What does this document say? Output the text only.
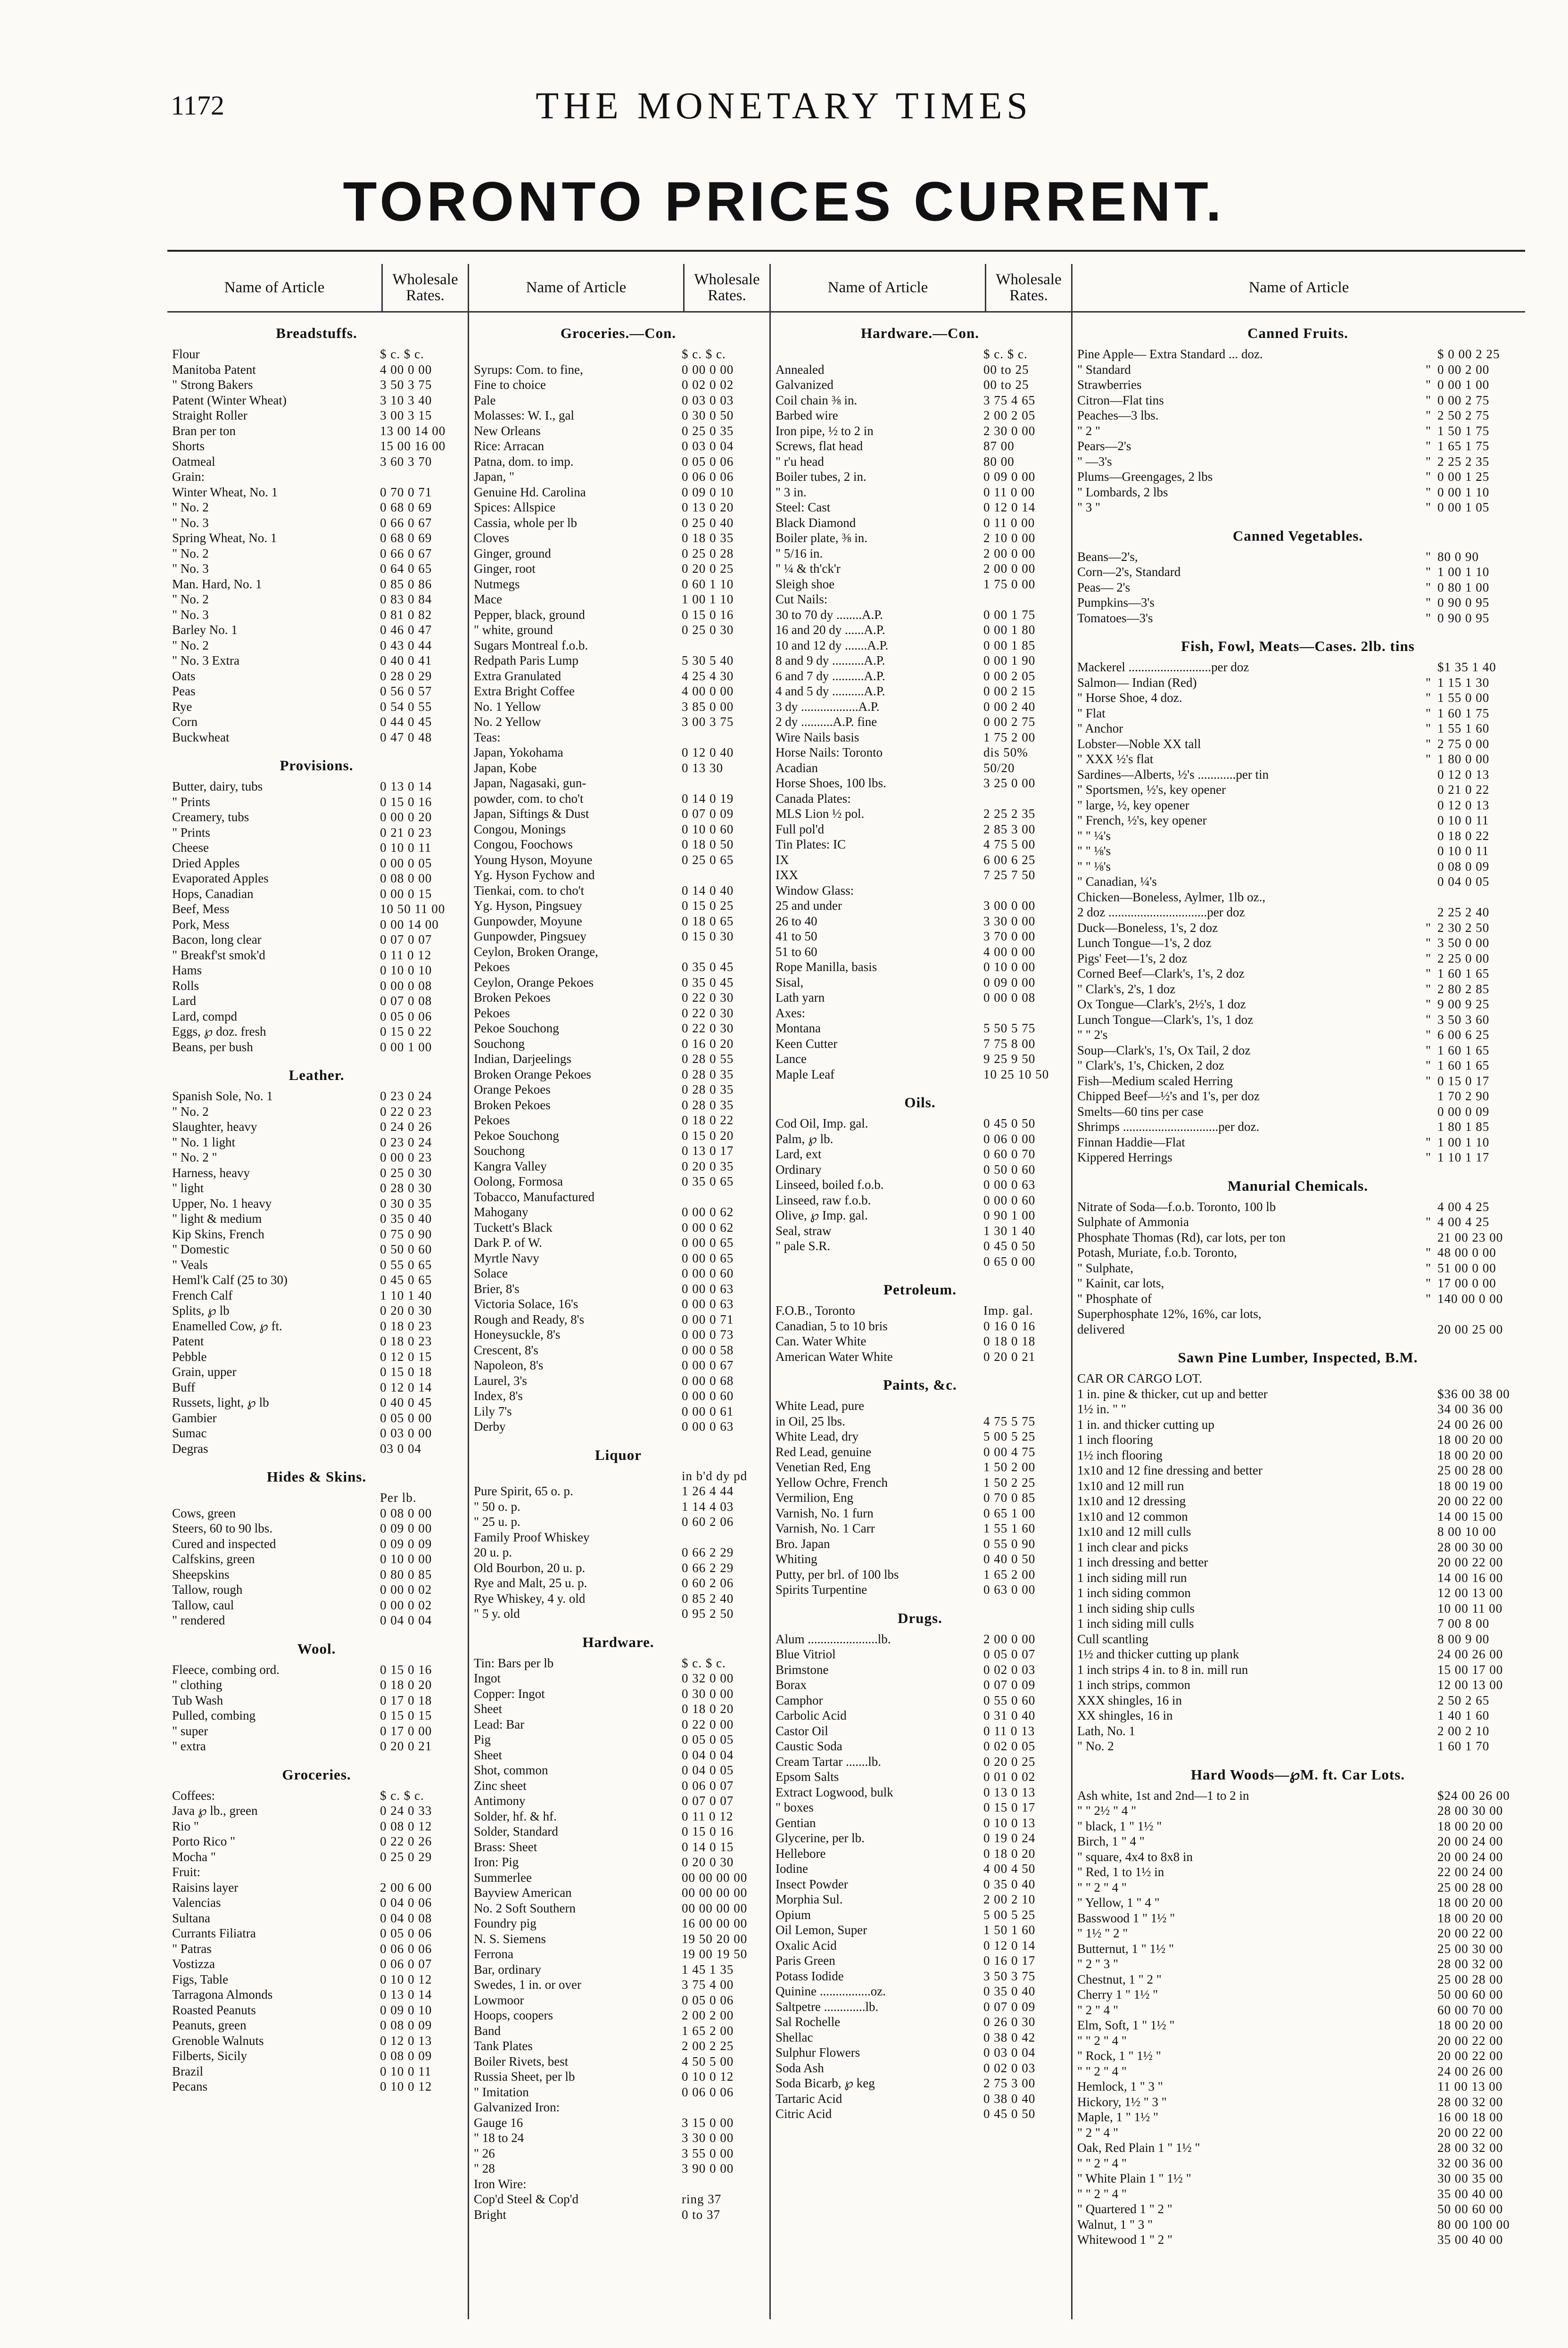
1172	THE MONETARY TIMES
TORONTO PRICES CURRENT.
Name of Article	Wholesale Rates.
Breadstuffs.
Flour	$ c. $ c.
Manitoba Patent	4 00 0 00
" Strong Bakers	3 50 3 75
Patent (Winter Wheat)	3 10 3 40
Straight Roller	3 00 3 15
Bran per ton	13 00 14 00
Shorts	15 00 16 00
Oatmeal	3 60 3 70
Grain:
Winter Wheat, No. 1	0 70 0 71
" No. 2	0 68 0 69
" No. 3	0 66 0 67
Spring Wheat, No. 1	0 68 0 69
" No. 2	0 66 0 67
" No. 3	0 64 0 65
Man. Hard, No. 1	0 85 0 86
" No. 2	0 83 0 84
" No. 3	0 81 0 82
Barley No. 1	0 46 0 47
" No. 2	0 43 0 44
" No. 3 Extra	0 40 0 41
Oats	0 28 0 29
Peas	0 56 0 57
Rye	0 54 0 55
Corn	0 44 0 45
Buckwheat	0 47 0 48
Provisions.
Butter, dairy, tubs	0 13 0 14
" Prints	0 15 0 16
Creamery, tubs	0 00 0 20
" Prints	0 21 0 23
Cheese	0 10 0 11
Dried Apples	0 00 0 05
Evaporated Apples	0 08 0 00
Hops, Canadian	0 00 0 15
Beef, Mess	10 50 11 00
Pork, Mess	0 00 14 00
Bacon, long clear	0 07 0 07
" Breakf'st smok'd	0 11 0 12
Hams	0 10 0 10
Rolls	0 00 0 08
Lard	0 07 0 08
Lard, compd	0 05 0 06
Eggs, ℘ doz. fresh	0 15 0 22
Beans, per bush	0 00 1 00
Leather.
Spanish Sole, No. 1	0 23 0 24
" No. 2	0 22 0 23
Slaughter, heavy	0 24 0 26
" No. 1 light	0 23 0 24
" No. 2 "	0 00 0 23
Harness, heavy	0 25 0 30
" light	0 28 0 30
Upper, No. 1 heavy	0 30 0 35
" light & medium	0 35 0 40
Kip Skins, French	0 75 0 90
" Domestic	0 50 0 60
" Veals	0 55 0 65
Heml'k Calf (25 to 30)	0 45 0 65
French Calf	1 10 1 40
Splits, ℘ lb	0 20 0 30
Enamelled Cow, ℘ ft.	0 18 0 23
Patent	0 18 0 23
Pebble	0 12 0 15
Grain, upper	0 15 0 18
Buff	0 12 0 14
Russets, light, ℘ lb	0 40 0 45
Gambier	0 05 0 00
Sumac	0 03 0 00
Degras	03 0 04
Hides & Skins.
Per lb.
Cows, green	0 08 0 00
Steers, 60 to 90 lbs.	0 09 0 00
Cured and inspected	0 09 0 09
Calfskins, green	0 10 0 00
Sheepskins	0 80 0 85
Tallow, rough	0 00 0 02
Tallow, caul	0 00 0 02
" rendered	0 04 0 04
Wool.
Fleece, combing ord.	0 15 0 16
" clothing	0 18 0 20
Tub Wash	0 17 0 18
Pulled, combing	0 15 0 15
" super	0 17 0 00
" extra	0 20 0 21
Groceries.
Coffees:	$ c. $ c.
Java ℘ lb., green	0 24 0 33
Rio "	0 08 0 12
Porto Rico "	0 22 0 26
Mocha "	0 25 0 29
Fruit:
Raisins layer	2 00 6 00
Valencias	0 04 0 06
Sultana	0 04 0 08
Currants Filiatra	0 05 0 06
" Patras	0 06 0 06
Vostizza	0 06 0 07
Figs, Table	0 10 0 12
Tarragona Almonds	0 13 0 14
Roasted Peanuts	0 09 0 10
Peanuts, green	0 08 0 09
Grenoble Walnuts	0 12 0 13
Filberts, Sicily	0 08 0 09
Brazil	0 10 0 11
Pecans	0 10 0 12
Name of Article	Wholesale Rates.
Groceries.—Con.
$ c. $ c.
Syrups: Com. to fine,	0 00 0 00
Fine to choice	0 02 0 02
Pale	0 03 0 03
Molasses: W. I., gal	0 30 0 50
New Orleans	0 25 0 35
Rice: Arracan	0 03 0 04
Patna, dom. to imp.	0 05 0 06
Japan, "	0 06 0 06
Genuine Hd. Carolina	0 09 0 10
Spices: Allspice	0 13 0 20
Cassia, whole per lb	0 25 0 40
Cloves	0 18 0 35
Ginger, ground	0 25 0 28
Ginger, root	0 20 0 25
Nutmegs	0 60 1 10
Mace	1 00 1 10
Pepper, black, ground	0 15 0 16
" white, ground	0 25 0 30
Sugars Montreal f.o.b.
Redpath Paris Lump	5 30 5 40
Extra Granulated	4 25 4 30
Extra Bright Coffee	4 00 0 00
No. 1 Yellow	3 85 0 00
No. 2 Yellow	3 00 3 75
Teas:
Japan, Yokohama	0 12 0 40
Japan, Kobe	0 13 30
Japan, Nagasaki, gun-
powder, com. to cho't	0 14 0 19
Japan, Siftings & Dust	0 07 0 09
Congou, Monings	0 10 0 60
Congou, Foochows	0 18 0 50
Young Hyson, Moyune	0 25 0 65
Yg. Hyson Fychow and
Tienkai, com. to cho't	0 14 0 40
Yg. Hyson, Pingsuey	0 15 0 25
Gunpowder, Moyune	0 18 0 65
Gunpowder, Pingsuey	0 15 0 30
Ceylon, Broken Orange,
Pekoes	0 35 0 45
Ceylon, Orange Pekoes	0 35 0 45
Broken Pekoes	0 22 0 30
Pekoes	0 22 0 30
Pekoe Souchong	0 22 0 30
Souchong	0 16 0 20
Indian, Darjeelings	0 28 0 55
Broken Orange Pekoes	0 28 0 35
Orange Pekoes	0 28 0 35
Broken Pekoes	0 28 0 35
Pekoes	0 18 0 22
Pekoe Souchong	0 15 0 20
Souchong	0 13 0 17
Kangra Valley	0 20 0 35
Oolong, Formosa	0 35 0 65
Tobacco, Manufactured
Mahogany	0 00 0 62
Tuckett's Black	0 00 0 62
Dark P. of W.	0 00 0 65
Myrtle Navy	0 00 0 65
Solace	0 00 0 60
Brier, 8's	0 00 0 63
Victoria Solace, 16's	0 00 0 63
Rough and Ready, 8's	0 00 0 71
Honeysuckle, 8's	0 00 0 73
Crescent, 8's	0 00 0 58
Napoleon, 8's	0 00 0 67
Laurel, 3's	0 00 0 68
Index, 8's	0 00 0 60
Lily 7's	0 00 0 61
Derby	0 00 0 63
Liquor
in b'd dy pd
Pure Spirit, 65 o. p.	1 26 4 44
" 50 o. p.	1 14 4 03
" 25 u. p.	0 60 2 06
Family Proof Whiskey
20 u. p.	0 66 2 29
Old Bourbon, 20 u. p.	0 66 2 29
Rye and Malt, 25 u. p.	0 60 2 06
Rye Whiskey, 4 y. old	0 85 2 40
" 5 y. old	0 95 2 50
Hardware.
Tin: Bars per lb	$ c. $ c.
Ingot	0 32 0 00
Copper: Ingot	0 30 0 00
Sheet	0 18 0 20
Lead: Bar	0 22 0 00
Pig	0 05 0 05
Sheet	0 04 0 04
Shot, common	0 04 0 05
Zinc sheet	0 06 0 07
Antimony	0 07 0 07
Solder, hf. & hf.	0 11 0 12
Solder, Standard	0 15 0 16
Brass: Sheet	0 14 0 15
Iron: Pig	0 20 0 30
Summerlee	00 00 00 00
Bayview American	00 00 00 00
No. 2 Soft Southern	00 00 00 00
Foundry pig	16 00 00 00
N. S. Siemens	19 50 20 00
Ferrona	19 00 19 50
Bar, ordinary	1 45 1 35
Swedes, 1 in. or over	3 75 4 00
Lowmoor	0 05 0 06
Hoops, coopers	2 00 2 00
Band	1 65 2 00
Tank Plates	2 00 2 25
Boiler Rivets, best	4 50 5 00
Russia Sheet, per lb	0 10 0 12
" Imitation	0 06 0 06
Galvanized Iron:
Gauge 16	3 15 0 00
" 18 to 24	3 30 0 00
" 26	3 55 0 00
" 28	3 90 0 00
Iron Wire:
Cop'd Steel & Cop'd	ring 37
Bright	0 to 37
Name of Article	Wholesale Rates.
Hardware.—Con.
$ c. $ c.
Annealed	00 to 25
Galvanized	00 to 25
Coil chain ⅜ in.	3 75 4 65
Barbed wire	2 00 2 05
Iron pipe, ½ to 2 in	2 30 0 00
Screws, flat head	87 00
" r'u head	80 00
Boiler tubes, 2 in.	0 09 0 00
" 3 in.	0 11 0 00
Steel: Cast	0 12 0 14
Black Diamond	0 11 0 00
Boiler plate, ⅜ in.	2 10 0 00
" 5/16 in.	2 00 0 00
" ¼ & th'ck'r	2 00 0 00
Sleigh shoe	1 75 0 00
Cut Nails:
30 to 70 dy ........A.P.	0 00 1 75
16 and 20 dy ......A.P.	0 00 1 80
10 and 12 dy .......A.P.	0 00 1 85
8 and 9 dy ..........A.P.	0 00 1 90
6 and 7 dy ..........A.P.	0 00 2 05
4 and 5 dy ..........A.P.	0 00 2 15
3 dy ..................A.P.	0 00 2 40
2 dy ..........A.P. fine	0 00 2 75
Wire Nails basis	1 75 2 00
Horse Nails: Toronto	dis 50%
Acadian	50/20
Horse Shoes, 100 lbs.	3 25 0 00
Canada Plates:
MLS Lion ½ pol.	2 25 2 35
Full pol'd	2 85 3 00
Tin Plates: IC	4 75 5 00
IX	6 00 6 25
IXX	7 25 7 50
Window Glass:
25 and under	3 00 0 00
26 to 40	3 30 0 00
41 to 50	3 70 0 00
51 to 60	4 00 0 00
Rope Manilla, basis	0 10 0 00
Sisal,	0 09 0 00
Lath yarn	0 00 0 08
Axes:
Montana	5 50 5 75
Keen Cutter	7 75 8 00
Lance	9 25 9 50
Maple Leaf	10 25 10 50
Oils.
Cod Oil, Imp. gal.	0 45 0 50
Palm, ℘ lb.	0 06 0 00
Lard, ext	0 60 0 70
Ordinary	0 50 0 60
Linseed, boiled f.o.b.	0 00 0 63
Linseed, raw f.o.b.	0 00 0 60
Olive, ℘ Imp. gal.	0 90 1 00
Seal, straw	1 30 1 40
" pale S.R.	0 45 0 50
0 65 0 00
Petroleum.
F.O.B., Toronto	Imp. gal.
Canadian, 5 to 10 bris	0 16 0 16
Can. Water White	0 18 0 18
American Water White	0 20 0 21
Paints, &c.
White Lead, pure
in Oil, 25 lbs.	4 75 5 75
White Lead, dry	5 00 5 25
Red Lead, genuine	0 00 4 75
Venetian Red, Eng	1 50 2 00
Yellow Ochre, French	1 50 2 25
Vermilion, Eng	0 70 0 85
Varnish, No. 1 furn	0 65 1 00
Varnish, No. 1 Carr	1 55 1 60
Bro. Japan	0 55 0 90
Whiting	0 40 0 50
Putty, per brl. of 100 lbs	1 65 2 00
Spirits Turpentine	0 63 0 00
Drugs.
Alum ......................lb.	2 00 0 00
Blue Vitriol	0 05 0 07
Brimstone	0 02 0 03
Borax	0 07 0 09
Camphor	0 55 0 60
Carbolic Acid	0 31 0 40
Castor Oil	0 11 0 13
Caustic Soda	0 02 0 05
Cream Tartar .......lb.	0 20 0 25
Epsom Salts	0 01 0 02
Extract Logwood, bulk	0 13 0 13
" boxes	0 15 0 17
Gentian	0 10 0 13
Glycerine, per lb.	0 19 0 24
Hellebore	0 18 0 20
Iodine	4 00 4 50
Insect Powder	0 35 0 40
Morphia Sul.	2 00 2 10
Opium	5 00 5 25
Oil Lemon, Super	1 50 1 60
Oxalic Acid	0 12 0 14
Paris Green	0 16 0 17
Potass Iodide	3 50 3 75
Quinine ................oz.	0 35 0 40
Saltpetre .............lb.	0 07 0 09
Sal Rochelle	0 26 0 30
Shellac	0 38 0 42
Sulphur Flowers	0 03 0 04
Soda Ash	0 02 0 03
Soda Bicarb, ℘ keg	2 75 3 00
Tartaric Acid	0 38 0 40
Citric Acid	0 45 0 50
Name of Article
Canned Fruits.
Pine Apple— Extra Standard ... doz.	$ 0 00 2 25
" Standard	" 0 00 2 00
Strawberries	" 0 00 1 00
Citron—Flat tins	" 0 00 2 75
Peaches—3 lbs.	" 2 50 2 75
" 2 "	" 1 50 1 75
Pears—2's	" 1 65 1 75
" —3's	" 2 25 2 35
Plums—Greengages, 2 lbs	" 0 00 1 25
" Lombards, 2 lbs	" 0 00 1 10
" 3 "	" 0 00 1 05
Canned Vegetables.
Beans—2's,	" 80 0 90
Corn—2's, Standard	" 1 00 1 10
Peas— 2's	" 0 80 1 00
Pumpkins—3's	" 0 90 0 95
Tomatoes—3's	" 0 90 0 95
Fish, Fowl, Meats—Cases. 2lb. tins
Mackerel ..........................per doz	$1 35 1 40
Salmon— Indian (Red)	" 1 15 1 30
" Horse Shoe, 4 doz.	" 1 55 0 00
" Flat	" 1 60 1 75
" Anchor	" 1 55 1 60
Lobster—Noble XX tall	" 2 75 0 00
" XXX ½'s flat	" 1 80 0 00
Sardines—Alberts, ½'s ............per tin	0 12 0 13
" Sportsmen, ½'s, key opener	0 21 0 22
" large, ½, key opener	0 12 0 13
" French, ½'s, key opener	0 10 0 11
" " ¼'s	0 18 0 22
" " ⅛'s	0 10 0 11
" " ⅛'s	0 08 0 09
" Canadian, ¼'s	0 04 0 05
Chicken—Boneless, Aylmer, 1lb oz.,
2 doz ...............................per doz	2 25 2 40
Duck—Boneless, 1's, 2 doz	" 2 30 2 50
Lunch Tongue—1's, 2 doz	" 3 50 0 00
Pigs' Feet—1's, 2 doz	" 2 25 0 00
Corned Beef—Clark's, 1's, 2 doz	" 1 60 1 65
" Clark's, 2's, 1 doz	" 2 80 2 85
Ox Tongue—Clark's, 2½'s, 1 doz	" 9 00 9 25
Lunch Tongue—Clark's, 1's, 1 doz	" 3 50 3 60
" " 2's	" 6 00 6 25
Soup—Clark's, 1's, Ox Tail, 2 doz	" 1 60 1 65
" Clark's, 1's, Chicken, 2 doz	" 1 60 1 65
Fish—Medium scaled Herring	" 0 15 0 17
Chipped Beef—½'s and 1's, per doz	1 70 2 90
Smelts—60 tins per case	0 00 0 09
Shrimps ..............................per doz.	1 80 1 85
Finnan Haddie—Flat	" 1 00 1 10
Kippered Herrings	" 1 10 1 17
Manurial Chemicals.
Nitrate of Soda—f.o.b. Toronto, 100 lb	4 00 4 25
Sulphate of Ammonia	" 4 00 4 25
Phosphate Thomas (Rd), car lots, per ton	21 00 23 00
Potash, Muriate, f.o.b. Toronto,	" 48 00 0 00
" Sulphate,	" 51 00 0 00
" Kainit, car lots,	" 17 00 0 00
" Phosphate of	" 140 00 0 00
Superphosphate 12%, 16%, car lots,
delivered	20 00 25 00
Sawn Pine Lumber, Inspected, B.M.
CAR OR CARGO LOT.
1 in. pine & thicker, cut up and better	$36 00 38 00
1½ in. " "	34 00 36 00
1 in. and thicker cutting up	24 00 26 00
1 inch flooring	18 00 20 00
1½ inch flooring	18 00 20 00
1x10 and 12 fine dressing and better	25 00 28 00
1x10 and 12 mill run	18 00 19 00
1x10 and 12 dressing	20 00 22 00
1x10 and 12 common	14 00 15 00
1x10 and 12 mill culls	8 00 10 00
1 inch clear and picks	28 00 30 00
1 inch dressing and better	20 00 22 00
1 inch siding mill run	14 00 16 00
1 inch siding common	12 00 13 00
1 inch siding ship culls	10 00 11 00
1 inch siding mill culls	7 00 8 00
Cull scantling	8 00 9 00
1½ and thicker cutting up plank	24 00 26 00
1 inch strips 4 in. to 8 in. mill run	15 00 17 00
1 inch strips, common	12 00 13 00
XXX shingles, 16 in	2 50 2 65
XX shingles, 16 in	1 40 1 60
Lath, No. 1	2 00 2 10
" No. 2	1 60 1 70
Hard Woods—℘M. ft. Car Lots.
Ash white, 1st and 2nd—1 to 2 in	$24 00 26 00
" " 2½ " 4 "	28 00 30 00
" black, 1 " 1½ "	18 00 20 00
Birch, 1 " 4 "	20 00 24 00
" square, 4x4 to 8x8 in	20 00 24 00
" Red, 1 to 1½ in	22 00 24 00
" " 2 " 4 "	25 00 28 00
" Yellow, 1 " 4 "	18 00 20 00
Basswood 1 " 1½ "	18 00 20 00
" 1½ " 2 "	20 00 22 00
Butternut, 1 " 1½ "	25 00 30 00
" 2 " 3 "	28 00 32 00
Chestnut, 1 " 2 "	25 00 28 00
Cherry 1 " 1½ "	50 00 60 00
" 2 " 4 "	60 00 70 00
Elm, Soft, 1 " 1½ "	18 00 20 00
" " 2 " 4 "	20 00 22 00
" Rock, 1 " 1½ "	20 00 22 00
" " 2 " 4 "	24 00 26 00
Hemlock, 1 " 3 "	11 00 13 00
Hickory, 1½ " 3 "	28 00 32 00
Maple, 1 " 1½ "	16 00 18 00
" 2 " 4 "	20 00 22 00
Oak, Red Plain 1 " 1½ "	28 00 32 00
" " 2 " 4 "	32 00 36 00
" White Plain 1 " 1½ "	30 00 35 00
" " 2 " 4 "	35 00 40 00
" Quartered 1 " 2 "	50 00 60 00
Walnut, 1 " 3 "	80 00 100 00
Whitewood 1 " 2 "	35 00 40 00
